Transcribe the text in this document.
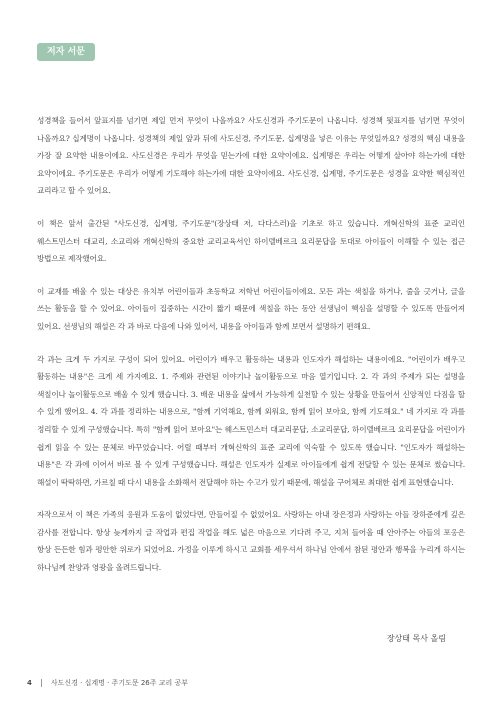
저자 서문

성경책을 들어서 앞표지를 넘기면 제일 먼저 무엇이 나올까요? 사도신경과 주기도문이 나옵니다. 성경책 뒷표지를 넘기면 무엇이 나올까요? 십계명이 나옵니다. 성경책의 제일 앞과 뒤에 사도신경, 주기도문, 십계명을 넣은 이유는 무엇일까요? 성경의 핵심 내용을 가장 잘 요약한 내용이에요. 사도신경은 우리가 무엇을 믿는가에 대한 요약이에요. 십계명은 우리는 어떻게 살아야 하는가에 대한 요약이에요. 주기도문은 우리가 어떻게 기도해야 하는가에 대한 요약이에요. 사도신경, 십계명, 주기도문은 성경을 요약한 핵심적인 교리라고 할 수 있어요.

이 책은 앞서 출간된 "사도신경, 십계명, 주기도문"(장상태 저, 다다스러)을 기초로 하고 있습니다. 개혁신학의 표준 교리인 웨스트민스터 대교리, 소교리와 개혁신학의 중요한 교리교육서인 하이델베르크 요리문답을 토대로 아이들이 이해할 수 있는 접근 방법으로 제작했어요.

이 교재를 배울 수 있는 대상은 유치부 어린이들과 초등학교 저학년 어린이들이에요. 모든 과는 색칠을 하거나, 줄을 긋거나, 글을 쓰는 활동을 할 수 있어요. 아이들이 집중하는 시간이 짧기 때문에 색칠을 하는 동안 선생님이 핵심을 설명할 수 있도록 만들어져 있어요. 선생님의 해설은 각 과 바로 다음에 나와 있어서, 내용을 아이들과 함께 보면서 설명하기 편해요.

각 과는 크게 두 가지로 구성이 되어 있어요. 어린이가 배우고 활동하는 내용과 인도자가 해설하는 내용이에요. "어린이가 배우고 활동하는 내용"은 크게 세 가지예요. 1. 주제와 관련된 이야기나 놀이활동으로 마음 열기입니다. 2. 각 과의 주제가 되는 설명을 색칠이나 놀이활동으로 배울 수 있게 했습니다. 3. 배운 내용을 삶에서 가능하게 실천할 수 있는 상황을 만들어서 신앙적인 다짐을 할 수 있게 했어요. 4. 각 과를 정리하는 내용으로, "함께 기억해요, 함께 외워요, 함께 읽어 보아요, 함께 기도해요." 네 가지로 각 과를 정리할 수 있게 구성했습니다. 특히 "함께 읽어 보아요"는 웨스트민스터 대교리문답, 소교리문답, 하이델베르크 요리문답을 어린이가 쉽게 읽을 수 있는 문체로 바꾸었습니다. 어릴 때부터 개혁신학의 표준 교리에 익숙할 수 있도록 했습니다. "인도자가 해설하는 내용"은 각 과에 이어서 바로 볼 수 있게 구성했습니다. 해설은 인도자가 실제로 아이들에게 쉽게 전달할 수 있는 문체로 썼습니다. 해설이 딱딱하면, 가르칠 때 다시 내용을 소화해서 전달해야 하는 수고가 있기 때문에, 해설을 구어체로 최대한 쉽게 표현했습니다.

자작으로서 이 책은 가족의 응원과 도움이 없었다면, 만들어질 수 없었어요. 사랑하는 아내 장은정과 사랑하는 아들 장하준에게 깊은 감사를 전합니다. 항상 늦게까지 글 작업과 편집 작업을 해도 넓은 마음으로 기다려 주고, 지쳐 들어올 때 안아주는 아들의 포옹은 항상 든든한 힘과 평안한 위로가 되었어요. 가정을 이루게 하시고 교회를 세우셔서 하나님 안에서 참된 평안과 행복을 누리게 하시는 하나님께 찬양과 영광을 올려드립니다.

장상태 목사 올림
4	사도신경 · 십계명 · 주기도문 26주 교리 공부
